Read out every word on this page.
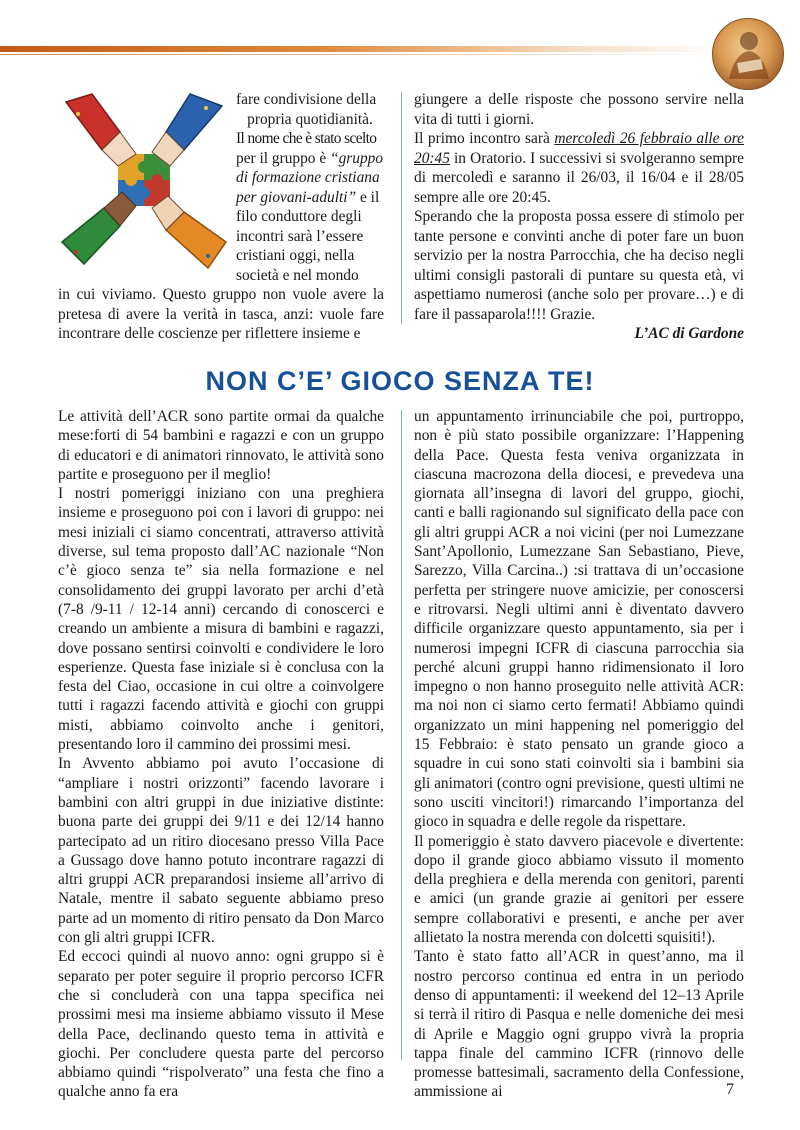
fare condivisione della

propria quotidianità.

Il nome che è stato scelto

per il gruppo è “gruppo

di formazione cristiana

per giovani-adulti” e il

filo conduttore degli

incontri sarà l’essere

cristiani oggi, nella

società e nel mondo

in cui viviamo. Questo gruppo non vuole avere la pretesa di avere la verità in tasca, anzi: vuole fare incontrare delle coscienze per riflettere insieme e

giungere a delle risposte che possono servire nella vita di tutti i giorni.

Il primo incontro sarà mercoledì 26 febbraio alle ore 20:45 in Oratorio. I successivi si svolgeranno sempre di mercoledì e saranno il 26/03, il 16/04 e il 28/05 sempre alle ore 20:45.

Sperando che la proposta possa essere di stimolo per tante persone e convinti anche di poter fare un buon servizio per la nostra Parrocchia, che ha deciso negli ultimi consigli pastorali di puntare su questa età, vi aspettiamo numerosi (anche solo per provare…) e di fare il passaparola!!!! Grazie.

L’AC di Gardone

NON C’E’ GIOCO SENZA TE!

Le attività dell’ACR sono partite ormai da qualche mese:forti di 54 bambini e ragazzi e con un gruppo di educatori e di animatori rinnovato, le attività sono partite e proseguono per il meglio!

I nostri pomeriggi iniziano con una preghiera insieme e proseguono poi con i lavori di gruppo: nei mesi iniziali ci siamo concentrati, attraverso attività diverse, sul tema proposto dall’AC nazionale “Non c’è gioco senza te” sia nella formazione e nel consolidamento dei gruppi lavorato per archi d’età (7-8 /9-11 / 12-14 anni) cercando di conoscerci e creando un ambiente a misura di bambini e ragazzi, dove possano sentirsi coinvolti e condividere le loro esperienze. Questa fase iniziale si è conclusa con la festa del Ciao, occasione in cui oltre a coinvolgere tutti i ragazzi facendo attività e giochi con gruppi misti, abbiamo coinvolto anche i genitori, presentando loro il cammino dei prossimi mesi.

In Avvento abbiamo poi avuto l’occasione di “ampliare i nostri orizzonti” facendo lavorare i bambini con altri gruppi in due iniziative distinte: buona parte dei gruppi dei 9/11 e dei 12/14 hanno partecipato ad un ritiro diocesano presso Villa Pace a Gussago dove hanno potuto incontrare ragazzi di altri gruppi ACR preparandosi insieme all’arrivo di Natale, mentre il sabato seguente abbiamo preso parte ad un momento di ritiro pensato da Don Marco con gli altri gruppi ICFR.

Ed eccoci quindi al nuovo anno: ogni gruppo si è separato per poter seguire il proprio percorso ICFR che si concluderà con una tappa specifica nei prossimi mesi ma insieme abbiamo vissuto il Mese della Pace, declinando questo tema in attività e giochi. Per concludere questa parte del percorso abbiamo quindi “rispolverato” una festa che fino a qualche anno fa era

un appuntamento irrinunciabile che poi, purtroppo, non è più stato possibile organizzare: l’Happening della Pace. Questa festa veniva organizzata in ciascuna macrozona della diocesi, e prevedeva una giornata all’insegna di lavori del gruppo, giochi, canti e balli ragionando sul significato della pace con gli altri gruppi ACR a noi vicini (per noi Lumezzane Sant’Apollonio, Lumezzane San Sebastiano, Pieve, Sarezzo, Villa Carcina..) :si trattava di un’occasione perfetta per stringere nuove amicizie, per conoscersi e ritrovarsi. Negli ultimi anni è diventato davvero difficile organizzare questo appuntamento, sia per i numerosi impegni ICFR di ciascuna parrocchia sia perché alcuni gruppi hanno ridimensionato il loro impegno o non hanno proseguito nelle attività ACR: ma noi non ci siamo certo fermati! Abbiamo quindi organizzato un mini happening nel pomeriggio del 15 Febbraio: è stato pensato un grande gioco a squadre in cui sono stati coinvolti sia i bambini sia gli animatori (contro ogni previsione, questi ultimi ne sono usciti vincitori!) rimarcando l’importanza del gioco in squadra e delle regole da rispettare.

Il pomeriggio è stato davvero piacevole e divertente: dopo il grande gioco abbiamo vissuto il momento della preghiera e della merenda con genitori, parenti e amici (un grande grazie ai genitori per essere sempre collaborativi e presenti, e anche per aver allietato la nostra merenda con dolcetti squisiti!).

Tanto è stato fatto all’ACR in quest’anno, ma il nostro percorso continua ed entra in un periodo denso di appuntamenti: il weekend del 12–13 Aprile si terrà il ritiro di Pasqua e nelle domeniche dei mesi di Aprile e Maggio ogni gruppo vivrà la propria tappa finale del cammino ICFR (rinnovo delle promesse battesimali, sacramento della Confessione, ammissione ai	7
